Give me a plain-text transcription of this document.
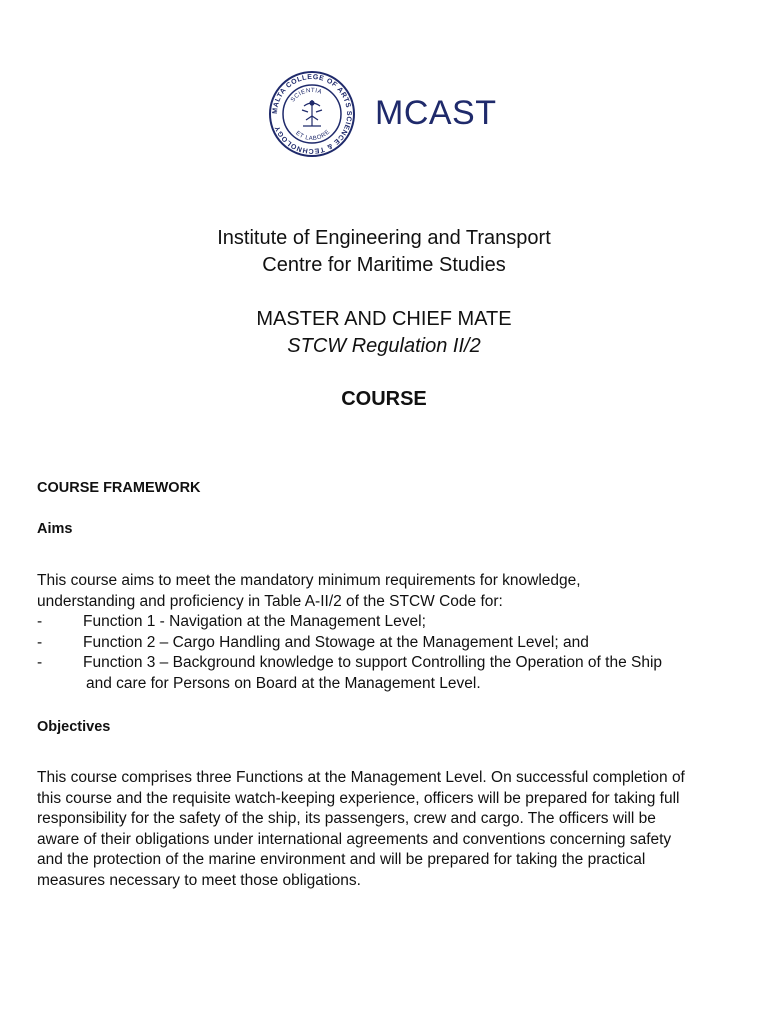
MALTA COLLEGE OF ARTS SCIENCE & TECHNOLOGY
SCIENTIA
ET LABORE
MCAST
Institute of Engineering and Transport
Centre for Maritime Studies
MASTER AND CHIEF MATE
STCW Regulation II/2
COURSE
COURSE FRAMEWORK
Aims
This course aims to meet the mandatory minimum requirements for knowledge,
understanding and proficiency in Table A-II/2 of the STCW Code for:
-	Function 1 - Navigation at the Management Level;
-	Function 2 – Cargo Handling and Stowage at the Management Level; and
-	Function 3 – Background knowledge to support Controlling the Operation of the Ship
and care for Persons on Board at the Management Level.
Objectives
This course comprises three Functions at the Management Level. On successful completion of
this course and the requisite watch-keeping experience, officers will be prepared for taking full
responsibility for the safety of the ship, its passengers, crew and cargo. The officers will be
aware of their obligations under international agreements and conventions concerning safety
and the protection of the marine environment and will be prepared for taking the practical
measures necessary to meet those obligations.
